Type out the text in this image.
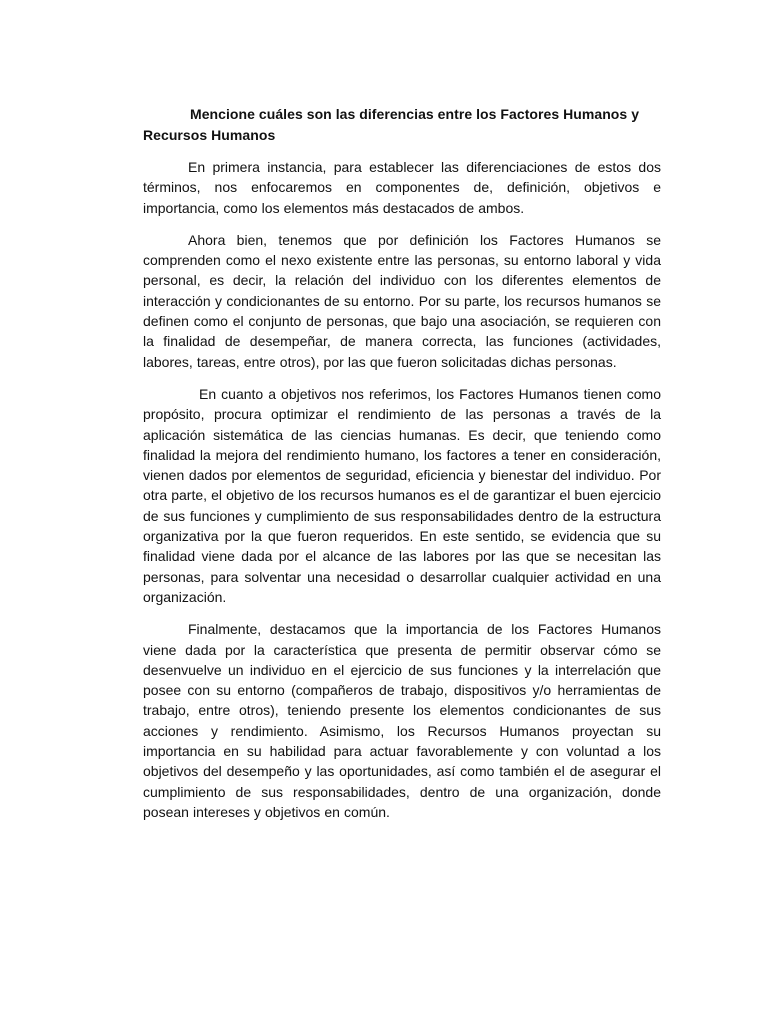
Mencione cuáles son las diferencias entre los Factores Humanos y Recursos Humanos

En primera instancia, para establecer las diferenciaciones de estos dos términos, nos enfocaremos en componentes de, definición, objetivos e importancia, como los elementos más destacados de ambos.

Ahora bien, tenemos que por definición los Factores Humanos se comprenden como el nexo existente entre las personas, su entorno laboral y vida personal, es decir, la relación del individuo con los diferentes elementos de interacción y condicionantes de su entorno. Por su parte, los recursos humanos se definen como el conjunto de personas, que bajo una asociación, se requieren con la finalidad de desempeñar, de manera correcta, las funciones (actividades, labores, tareas, entre otros), por las que fueron solicitadas dichas personas.

En cuanto a objetivos nos referimos, los Factores Humanos tienen como propósito, procura optimizar el rendimiento de las personas a través de la aplicación sistemática de las ciencias humanas. Es decir, que teniendo como finalidad la mejora del rendimiento humano, los factores a tener en consideración, vienen dados por elementos de seguridad, eficiencia y bienestar del individuo. Por otra parte, el objetivo de los recursos humanos es el de garantizar el buen ejercicio de sus funciones y cumplimiento de sus responsabilidades dentro de la estructura organizativa por la que fueron requeridos. En este sentido, se evidencia que su finalidad viene dada por el alcance de las labores por las que se necesitan las personas, para solventar una necesidad o desarrollar cualquier actividad en una organización.

Finalmente, destacamos que la importancia de los Factores Humanos viene dada por la característica que presenta de permitir observar cómo se desenvuelve un individuo en el ejercicio de sus funciones y la interrelación que posee con su entorno (compañeros de trabajo, dispositivos y/o herramientas de trabajo, entre otros), teniendo presente los elementos condicionantes de sus acciones y rendimiento. Asimismo, los Recursos Humanos proyectan su importancia en su habilidad para actuar favorablemente y con voluntad a los objetivos del desempeño y las oportunidades, así como también el de asegurar el cumplimiento de sus responsabilidades, dentro de una organización, donde posean intereses y objetivos en común.
